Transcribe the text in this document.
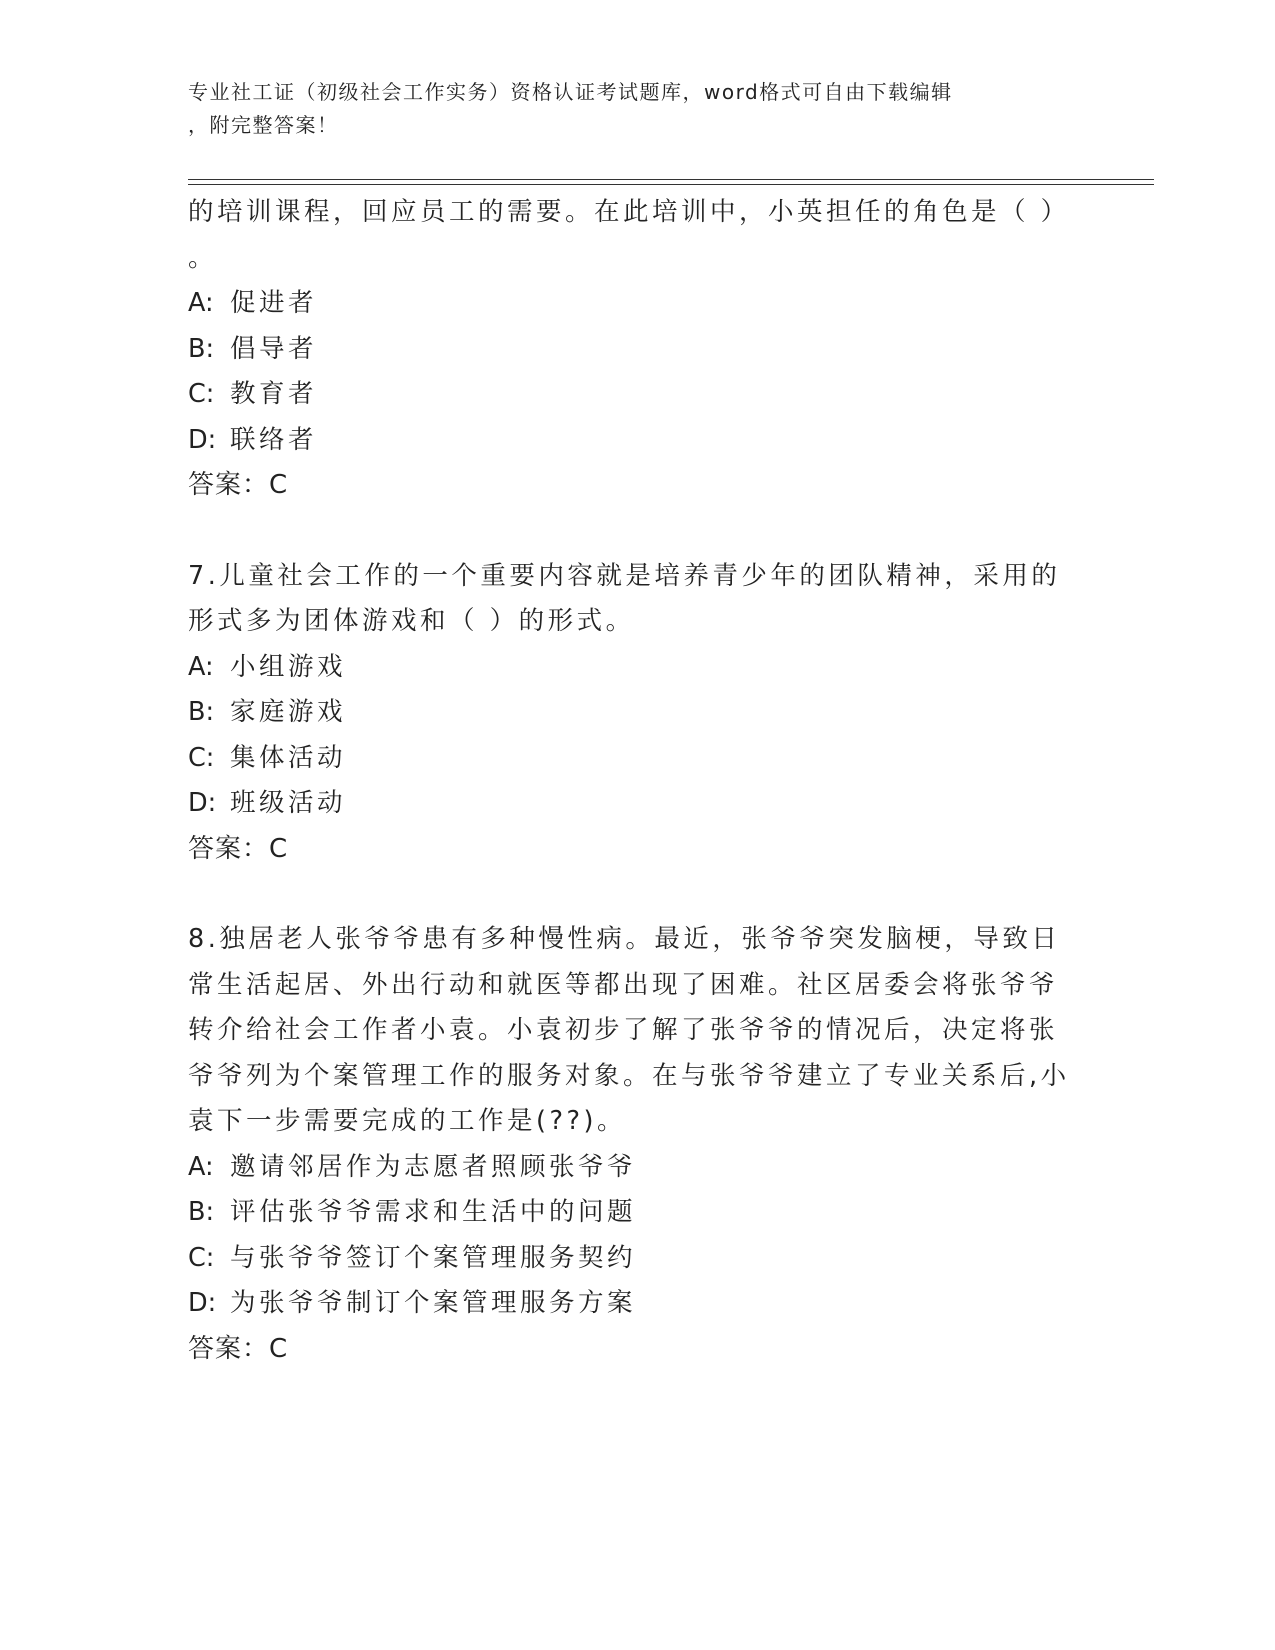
专业社工证（初级社会工作实务）资格认证考试题库，word格式可自由下载编辑
，附完整答案！
的培训课程，回应员工的需要。在此培训中，小英担任的角色是（ ）
。
A: 促进者
B: 倡导者
C: 教育者
D: 联络者
答案：C
7.儿童社会工作的一个重要内容就是培养青少年的团队精神，采用的
形式多为团体游戏和（ ）的形式。
A: 小组游戏
B: 家庭游戏
C: 集体活动
D: 班级活动
答案：C
8.独居老人张爷爷患有多种慢性病。最近，张爷爷突发脑梗，导致日
常生活起居、外出行动和就医等都出现了困难。社区居委会将张爷爷
转介给社会工作者小袁。小袁初步了解了张爷爷的情况后，决定将张
爷爷列为个案管理工作的服务对象。在与张爷爷建立了专业关系后,小
袁下一步需要完成的工作是(??)。
A: 邀请邻居作为志愿者照顾张爷爷
B: 评估张爷爷需求和生活中的问题
C: 与张爷爷签订个案管理服务契约
D: 为张爷爷制订个案管理服务方案
答案：C
